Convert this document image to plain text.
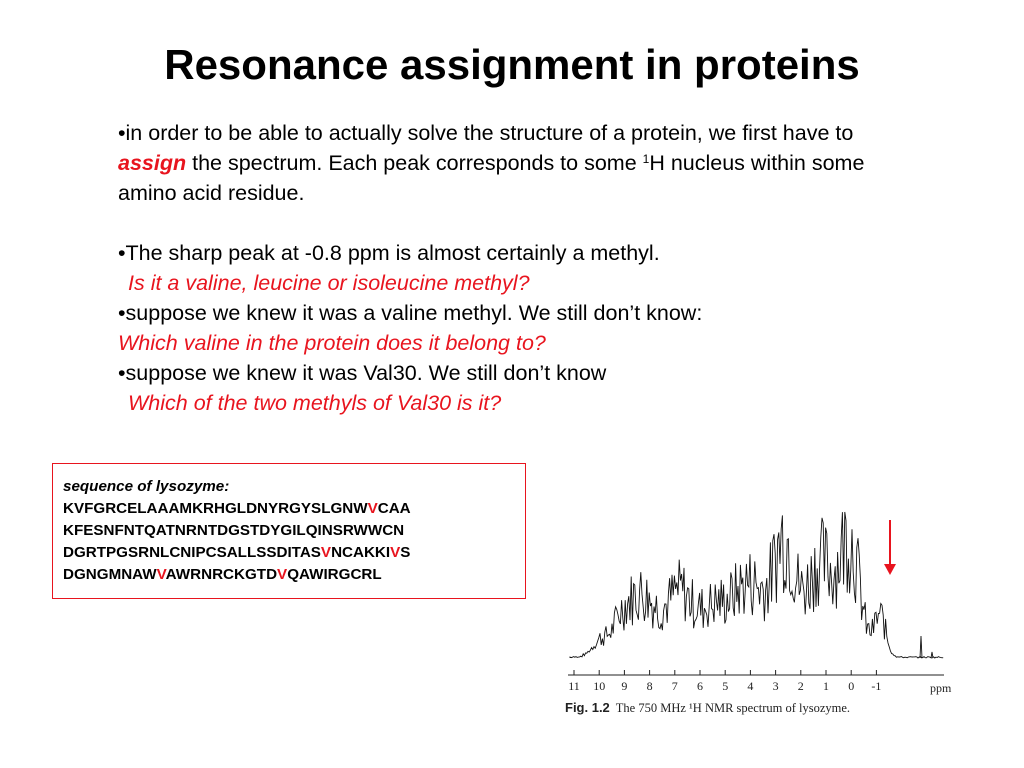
Resonance assignment in proteins

•in order to be able to actually solve the structure of a protein, we first have to assign the spectrum. Each peak corresponds to some $^1$H nucleus within some amino acid residue.

•The sharp peak at -0.8 ppm is almost certainly a methyl.

Is it a valine, leucine or isoleucine methyl?

•suppose we knew it was a valine methyl. We still don’t know:

Which valine in the protein does it belong to?

•suppose we knew it was Val30. We still don’t know

Which of the two methyls of Val30 is it?

sequence of lysozyme:
KVFGRCELAAAMKRHGLDNYRGYSLGNWVCAA
KFESNFNTQATNRNTDGSTDYGILQINSRWWCN
DGRTPGSRNLCNIPCSALLSSDITASVNCAKKIVS
DGNGMNAWVAWRNRCKGTDVQAWIRGCRL
11 10 9 8 7 6 5 4 3 2 1 0 -1	ppm
Fig. 1.2 The 750 MHz ¹H NMR spectrum of lysozyme.
